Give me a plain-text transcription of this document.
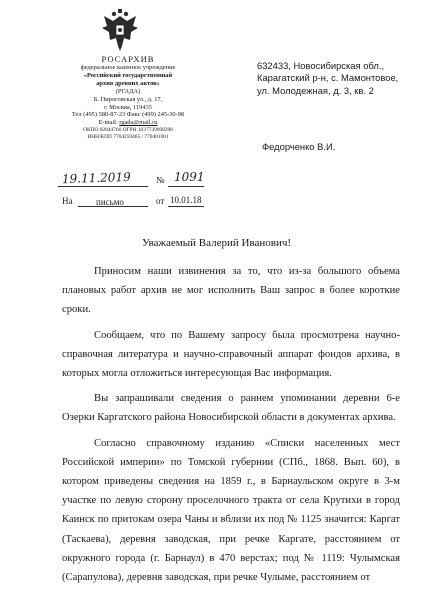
РОСАРХИВ
федеральное казенное учреждение
«Российский государственный
архив древних актов»
(РГАДА)
Б. Пироговская ул., д. 17,
г. Москва, 119435
Тел (495) 580-87-23 Факс (499) 245-30-98
E-mail: rgada@mail.ru
ОКПО 02844766 ОГРН 1037739098396
ИНН/КПП 7704259465 / 770401001
632433, Новосибирская обл.,
Карагатский р-н, с. Мамонтовое,
ул. Молодежная, д. 3, кв. 2
Федорченко В.И.
19.11.2019	№ 1091
На	письмо	от 10.01.18
Уважаемый Валерий Иванович!

Приносим наши извинения за то, что из-за большого объема плановых работ архив не мог исполнить Ваш запрос в более короткие сроки.

Сообщаем, что по Вашему запросу была просмотрена научно-справочная литература и научно-справочный аппарат фондов архива, в которых могла отложиться интересующая Вас информация.

Вы запрашивали сведения о раннем упоминании деревни 6-е Озерки Каргатского района Новосибирской области в документах архива.

Согласно справочному изданию «Списки населенных мест Российской империи» по Томской губернии (СПб., 1868. Вып. 60), в котором приведены сведения на 1859 г., в Барнаульском округе в 3-м участке по левую сторону проселочного тракта от села Крутихи в город Каинск по притокам озера Чаны и вблизи их под № 1125 значится: Каргат (Таскаева), деревня заводская, при речке Каргате, расстоянием от окружного города (г. Барнаул) в 470 верстах; под № 1119: Чулымская (Сарапулова), деревня заводская, при речке Чулыме, расстоянием от
